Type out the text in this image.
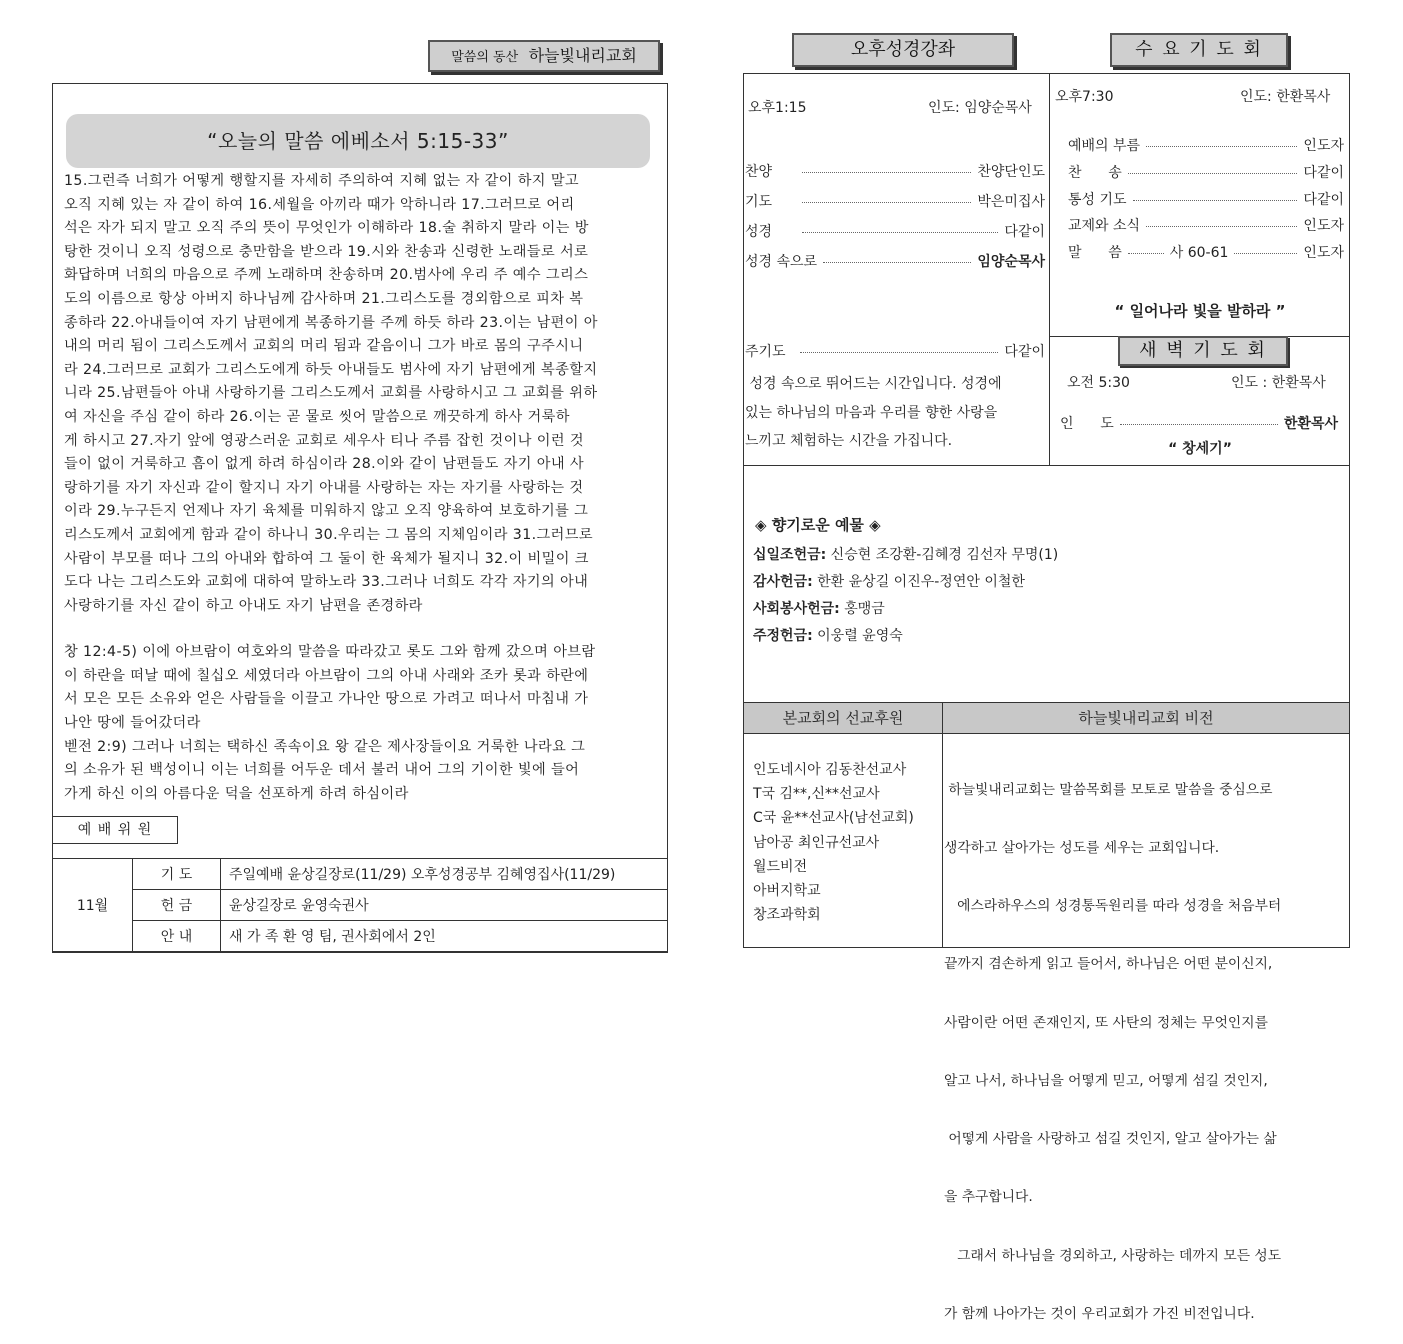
말씀의 동산 하늘빛내리교회
“오늘의 말씀 에베소서 5:15-33”

15.그런즉 너희가 어떻게 행할지를 자세히 주의하여 지혜 없는 자 같이 하지 말고

오직 지혜 있는 자 같이 하여 16.세월을 아끼라 때가 악하니라 17.그러므로 어리

석은 자가 되지 말고 오직 주의 뜻이 무엇인가 이해하라 18.술 취하지 말라 이는 방

탕한 것이니 오직 성령으로 충만함을 받으라 19.시와 찬송과 신령한 노래들로 서로

화답하며 너희의 마음으로 주께 노래하며 찬송하며 20.범사에 우리 주 예수 그리스

도의 이름으로 항상 아버지 하나님께 감사하며 21.그리스도를 경외함으로 피차 복

종하라 22.아내들이여 자기 남편에게 복종하기를 주께 하듯 하라 23.이는 남편이 아

내의 머리 됨이 그리스도께서 교회의 머리 됨과 같음이니 그가 바로 몸의 구주시니

라 24.그러므로 교회가 그리스도에게 하듯 아내들도 범사에 자기 남편에게 복종할지

니라 25.남편들아 아내 사랑하기를 그리스도께서 교회를 사랑하시고 그 교회를 위하

여 자신을 주심 같이 하라 26.이는 곧 물로 씻어 말씀으로 깨끗하게 하사 거룩하

게 하시고 27.자기 앞에 영광스러운 교회로 세우사 티나 주름 잡힌 것이나 이런 것

들이 없이 거룩하고 흠이 없게 하려 하심이라 28.이와 같이 남편들도 자기 아내 사

랑하기를 자기 자신과 같이 할지니 자기 아내를 사랑하는 자는 자기를 사랑하는 것

이라 29.누구든지 언제나 자기 육체를 미워하지 않고 오직 양육하여 보호하기를 그

리스도께서 교회에게 함과 같이 하나니 30.우리는 그 몸의 지체임이라 31.그러므로

사람이 부모를 떠나 그의 아내와 합하여 그 둘이 한 육체가 될지니 32.이 비밀이 크

도다 나는 그리스도와 교회에 대하여 말하노라 33.그러나 너희도 각각 자기의 아내

사랑하기를 자신 같이 하고 아내도 자기 남편을 존경하라

창 12:4-5) 이에 아브람이 여호와의 말씀을 따라갔고 롯도 그와 함께 갔으며 아브람

이 하란을 떠날 때에 칠십오 세였더라 아브람이 그의 아내 사래와 조카 롯과 하란에

서 모은 모든 소유와 얻은 사람들을 이끌고 가나안 땅으로 가려고 떠나서 마침내 가

나안 땅에 들어갔더라

벧전 2:9) 그러나 너희는 택하신 족속이요 왕 같은 제사장들이요 거룩한 나라요 그

의 소유가 된 백성이니 이는 너희를 어두운 데서 불러 내어 그의 기이한 빛에 들어

가게 하신 이의 아름다운 덕을 선포하게 하려 하심이라

예 배 위 원
11월	기 도	주일예배 윤상길장로(11/29) 오후성경공부 김혜영집사(11/29)
	헌 금	윤상길장로 윤영숙권사
	안 내	새 가 족 환 영 팀, 권사회에서 2인
오후성경강좌	수 요 기 도 회
오후1:15	인도: 임양순목사
찬양	찬양단인도
기도	박은미집사
성경	다같이
성경 속으로	임양순목사
주기도	다같이
성경 속으로 뛰어드는 시간입니다. 성경에
있는 하나님의 마음과 우리를 향한 사랑을
느끼고 체험하는 시간을 가집니다.
오후7:30	인도: 한환목사
예배의 부름	인도자
찬      송	다같이
통성 기도	다같이
교제와 소식	인도자
말      씀	사 60-61	인도자
“ 일어나라 빛을 발하라 ”
새 벽 기 도 회
오전 5:30	인도 : 한환목사
인      도	한환목사
“ 창세기”
◈ 향기로운 예물 ◈
십일조헌금: 신승현 조강환-김혜경 김선자 무명(1)
감사헌금: 한환 윤상길 이진우-정연안 이철한
사회봉사헌금: 홍맹금
주정헌금: 이웅렬 윤영숙
본교회의 선교후원	하늘빛내리교회 비전
인도네시아 김동찬선교사
T국 김**,신**선교사
C국 윤**선교사(남선교회)
남아공 최인규선교사
월드비전
아버지학교
창조과학회

하늘빛내리교회는 말씀목회를 모토로 말씀을 중심으로

생각하고 살아가는 성도를 세우는 교회입니다.

에스라하우스의 성경통독원리를 따라 성경을 처음부터

끝까지 겸손하게 읽고 들어서, 하나님은 어떤 분이신지,

사람이란 어떤 존재인지, 또 사탄의 정체는 무엇인지를

알고 나서, 하나님을 어떻게 믿고, 어떻게 섬길 것인지,

어떻게 사람을 사랑하고 섬길 것인지, 알고 살아가는 삶

을 추구합니다.

그래서 하나님을 경외하고, 사랑하는 데까지 모든 성도

가 함께 나아가는 것이 우리교회가 가진 비전입니다.
